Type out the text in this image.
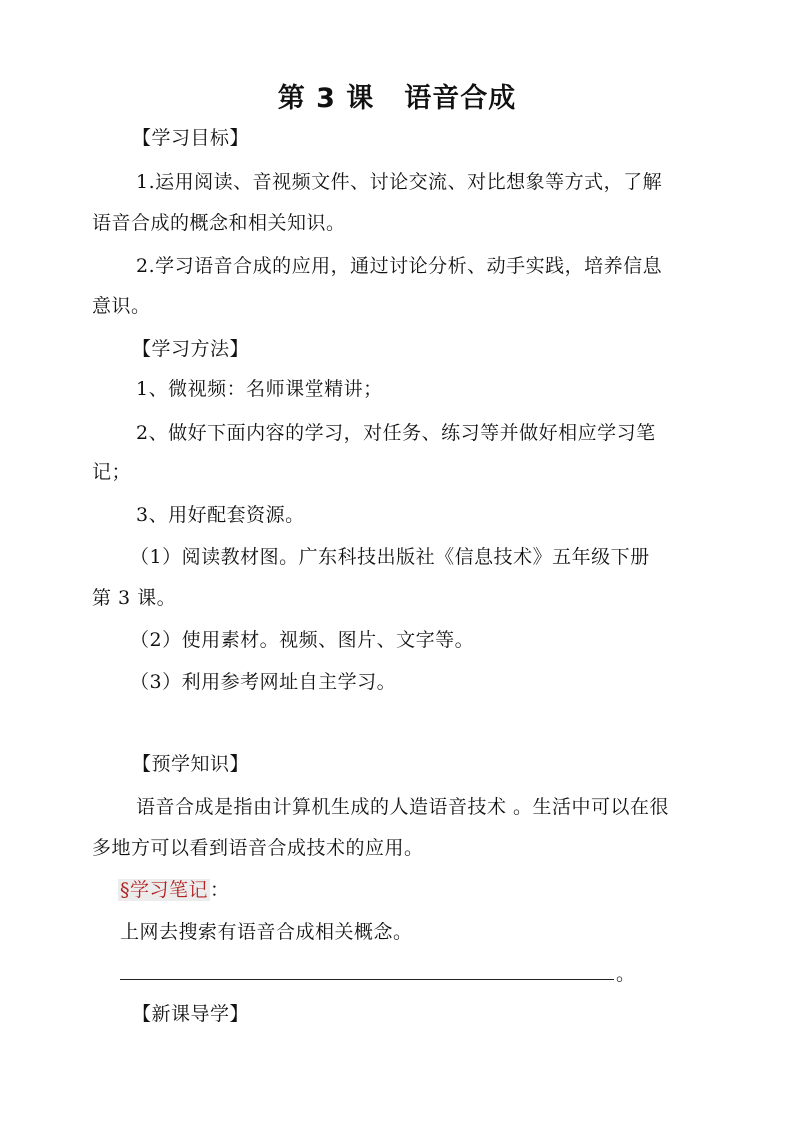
第 3 课 语音合成
【学习目标】
1.运用阅读、音视频文件、讨论交流、对比想象等方式，了解
语音合成的概念和相关知识。
2.学习语音合成的应用，通过讨论分析、动手实践，培养信息
意识。
【学习方法】
1、微视频：名师课堂精讲；
2、做好下面内容的学习，对任务、练习等并做好相应学习笔
记；
3、用好配套资源。
（1）阅读教材图。广东科技出版社《信息技术》五年级下册
第 3 课。
（2）使用素材。视频、图片、文字等。
（3）利用参考网址自主学习。
【预学知识】
语音合成是指由计算机生成的人造语音技术 。生活中可以在很
多地方可以看到语音合成技术的应用。
§学习笔记 ：
上网去搜索有语音合成相关概念。
。
【新课导学】
